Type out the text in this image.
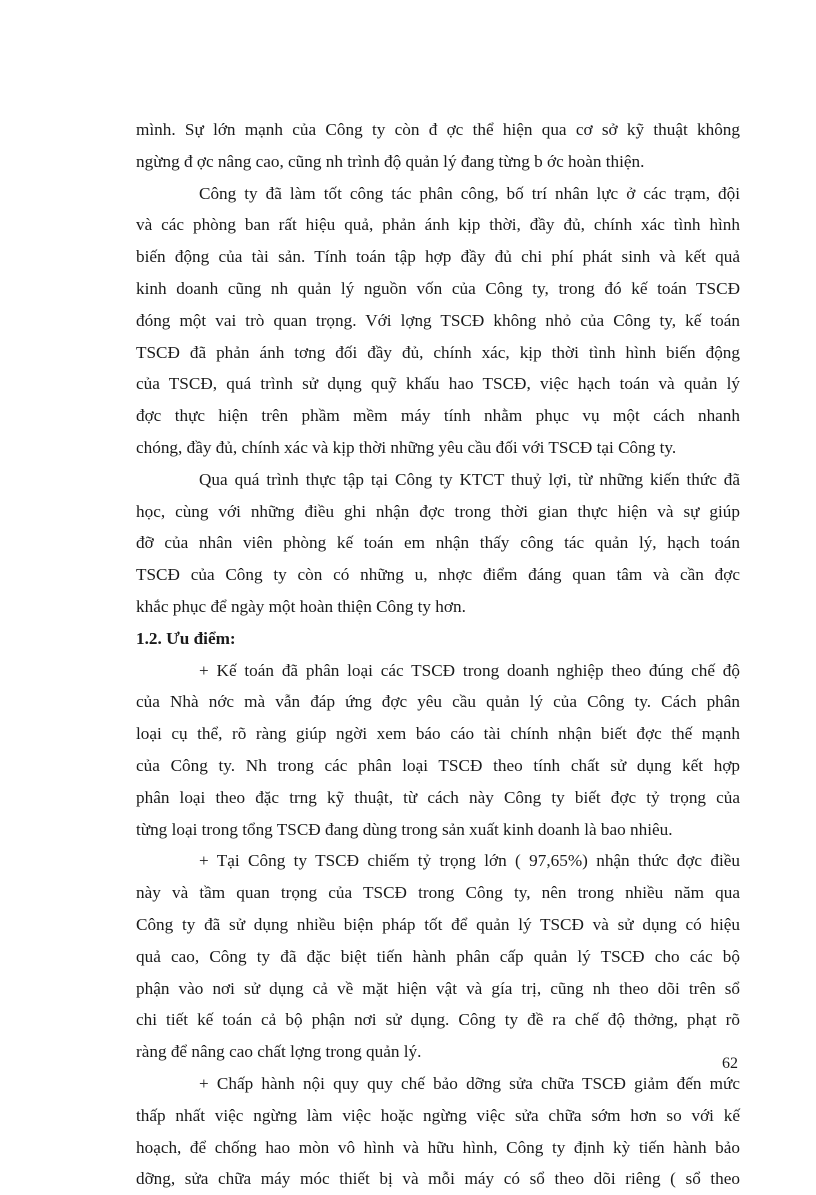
mình. Sự lớn mạnh của Công ty còn đ ợc thể hiện qua cơ sở kỹ thuật không
ngừng đ ợc nâng cao, cũng nh trình độ quản lý đang từng b ớc hoàn thiện.
Công ty đã làm tốt công tác phân công, bố trí nhân lực ở các trạm, đội
và các phòng ban rất hiệu quả, phản ánh kịp thời, đầy đủ, chính xác tình hình
biến động của tài sản. Tính toán tập hợp đầy đủ chi phí phát sinh và kết quả
kinh doanh cũng nh quản lý nguồn vốn của Công ty, trong đó kế toán TSCĐ
đóng một vai trò quan trọng. Với lợng TSCĐ không nhỏ của Công ty, kế toán
TSCĐ đã phản ánh tơng đối đầy đủ, chính xác, kịp thời tình hình biến động
của TSCĐ, quá trình sử dụng quỹ khấu hao TSCĐ, việc hạch toán và quản lý
đợc thực hiện trên phầm mềm máy tính nhằm phục vụ một cách nhanh
chóng, đầy đủ, chính xác và kịp thời những yêu cầu đối với TSCĐ tại Công ty.
Qua quá trình thực tập tại Công ty KTCT thuỷ lợi, từ những kiến thức đã
học, cùng với những điều ghi nhận đợc trong thời gian thực hiện và sự giúp
đỡ của nhân viên phòng kế toán em nhận thấy công tác quản lý, hạch toán
TSCĐ của Công ty còn có những u, nhợc điểm đáng quan tâm và cần đợc
khắc phục để ngày một hoàn thiện Công ty hơn.
1.2. Ưu điểm:
+ Kế toán đã phân loại các TSCĐ trong doanh nghiệp theo đúng chế độ
của Nhà nớc mà vẫn đáp ứng đợc yêu cầu quản lý của Công ty. Cách phân
loại cụ thể, rõ ràng giúp ngời xem báo cáo tài chính nhận biết đợc thế mạnh
của Công ty. Nh trong các phân loại TSCĐ theo tính chất sử dụng kết hợp
phân loại theo đặc trng kỹ thuật, từ cách này Công ty biết đợc tỷ trọng của
từng loại trong tổng TSCĐ đang dùng trong sản xuất kinh doanh là bao nhiêu.
+ Tại Công ty TSCĐ chiếm tỷ trọng lớn ( 97,65%) nhận thức đợc điều
này và tầm quan trọng của TSCĐ trong Công ty, nên trong nhiều năm qua
Công ty đã sử dụng nhiều biện pháp tốt để quản lý TSCĐ và sử dụng có hiệu
quả cao, Công ty đã đặc biệt tiến hành phân cấp quản lý TSCĐ cho các bộ
phận vào nơi sử dụng cả về mặt hiện vật và gía trị, cũng nh theo dõi trên sổ
chi tiết kế toán cả bộ phận nơi sử dụng. Công ty đề ra chế độ thởng, phạt rõ
ràng để nâng cao chất lợng trong quản lý.
+ Chấp hành nội quy quy chế bảo dỡng sửa chữa TSCĐ giảm đến mức
thấp nhất việc ngừng làm việc hoặc ngừng việc sửa chữa sớm hơn so với kế
hoạch, để chống hao mòn vô hình và hữu hình, Công ty định kỳ tiến hành bảo
dỡng, sửa chữa máy móc thiết bị và mỗi máy có sổ theo dõi riêng ( sổ theo
62
